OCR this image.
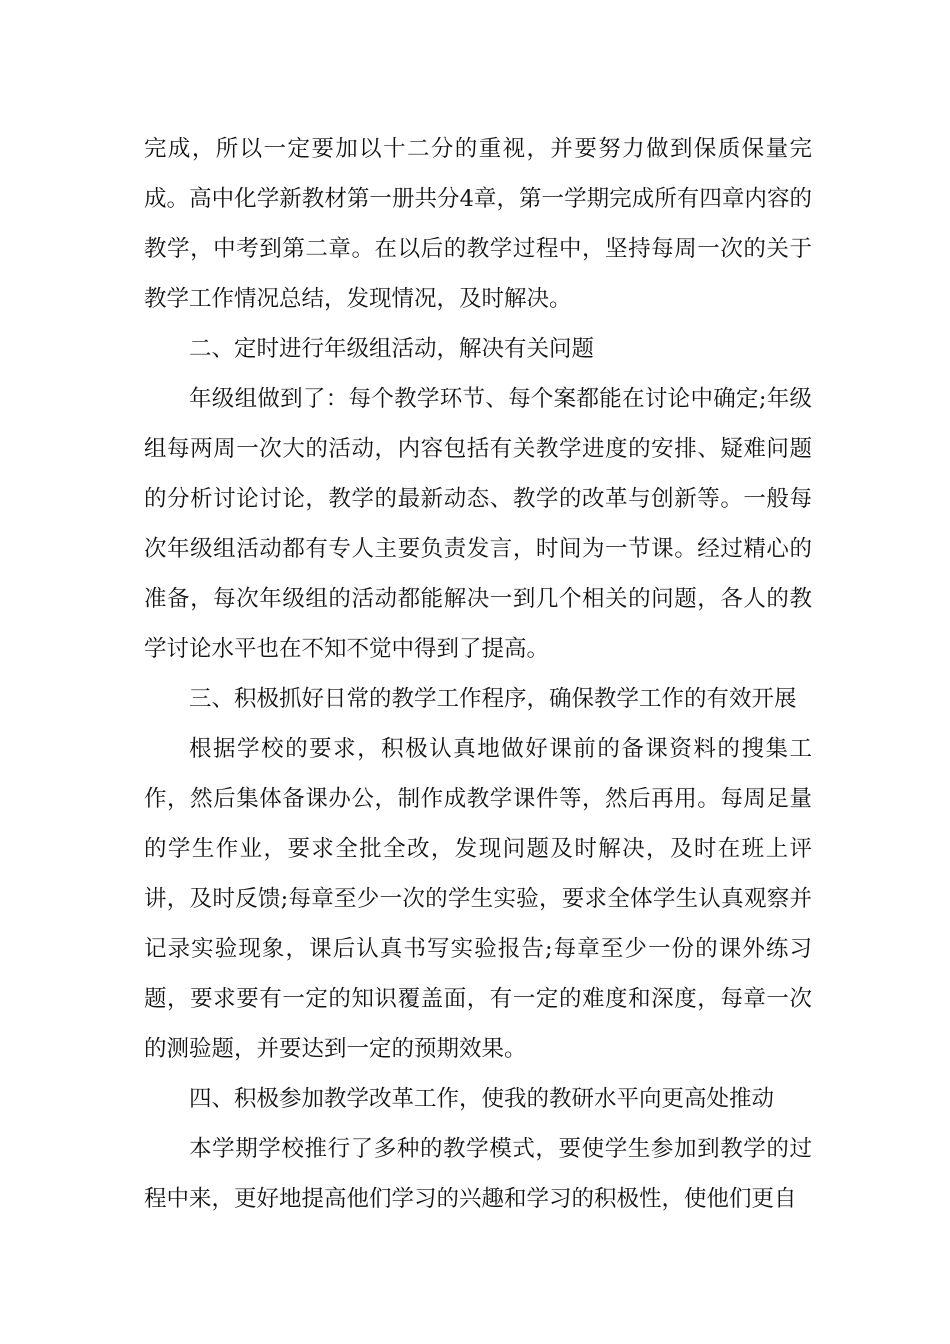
完成，所以一定要加以十二分的重视，并要努力做到保质保量完成。高中化学新教材第一册共分4章，第一学期完成所有四章内容的教学，中考到第二章。在以后的教学过程中，坚持每周一次的关于教学工作情况总结，发现情况，及时解决。

二、定时进行年级组活动，解决有关问题

年级组做到了：每个教学环节、每个案都能在讨论中确定;年级组每两周一次大的活动，内容包括有关教学进度的安排、疑难问题的分析讨论讨论，教学的最新动态、教学的改革与创新等。一般每次年级组活动都有专人主要负责发言，时间为一节课。经过精心的准备，每次年级组的活动都能解决一到几个相关的问题，各人的教学讨论水平也在不知不觉中得到了提高。

三、积极抓好日常的教学工作程序，确保教学工作的有效开展

根据学校的要求，积极认真地做好课前的备课资料的搜集工作，然后集体备课办公，制作成教学课件等，然后再用。每周足量的学生作业，要求全批全改，发现问题及时解决，及时在班上评讲，及时反馈;每章至少一次的学生实验，要求全体学生认真观察并记录实验现象，课后认真书写实验报告;每章至少一份的课外练习题，要求要有一定的知识覆盖面，有一定的难度和深度，每章一次的测验题，并要达到一定的预期效果。

四、积极参加教学改革工作，使我的教研水平向更高处推动

本学期学校推行了多种的教学模式，要使学生参加到教学的过程中来，更好地提高他们学习的兴趣和学习的积极性，使他们更自
